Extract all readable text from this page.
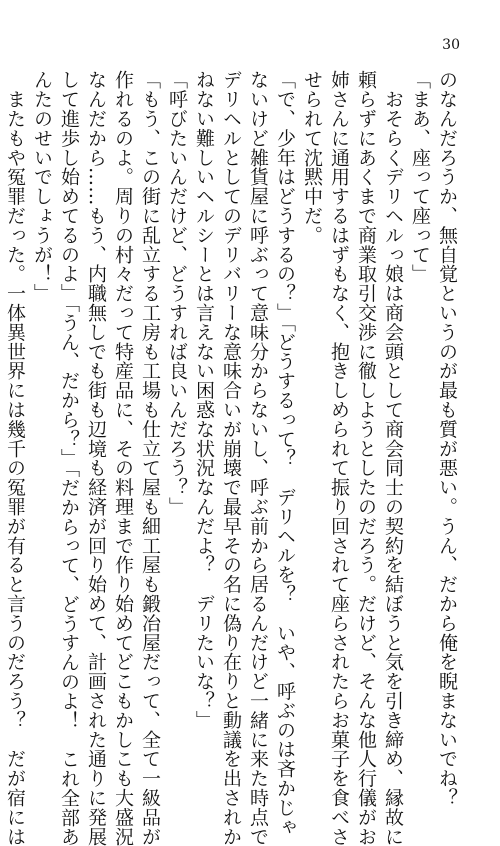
30
のなんだろうか、無自覚というのが最も質が悪い。うん、だから俺を睨まないでね？
「まあ、座って座って」
　おそらくデリヘルっ娘は商会頭として商会同士の契約を結ぼうと気を引き締め、縁故に
頼らずにあくまで商業取引交渉に徹しようとしたのだろう。だけど、そんな他人行儀がお
姉さんに通用するはずもなく、抱きしめられて振り回されて座らされたらお菓子を食べさ
せられて沈黙中だ。
「で、少年はどうするの？」「どうするって？　デリヘルを？　いや、呼ぶのは吝かじゃ
ないけど雑貨屋に呼ぶって意味分からないし、呼ぶ前から居るんだけど一緒に来た時点で
デリヘルとしてのデリバリーな意味合いが崩壊で最早その名に偽り在りと動議を出されか
ねない難しいヘルシーとは言えない困惑な状況なんだよ？　デリたいな？」
「呼びたいんだけど、どうすれば良いんだろう？」
「もう、この街に乱立する工房も工場も仕立て屋も細工屋も鍛冶屋だって、全て一級品が
作れるのよ。周りの村々だって特産品に、その料理まで作り始めてどこもかしこも大盛況
なんだから……もう、内職無しでも街も辺境も経済が回り始めて、計画された通りに発展
して進歩し始めてるのよ」「うん、だから？」「だからって、どうすんのよ！　これ全部あ
んたのせいでしょうが！」
　またもや冤罪だった。一体異世界には幾千の冤罪が有ると言うのだろう？　だが宿には
